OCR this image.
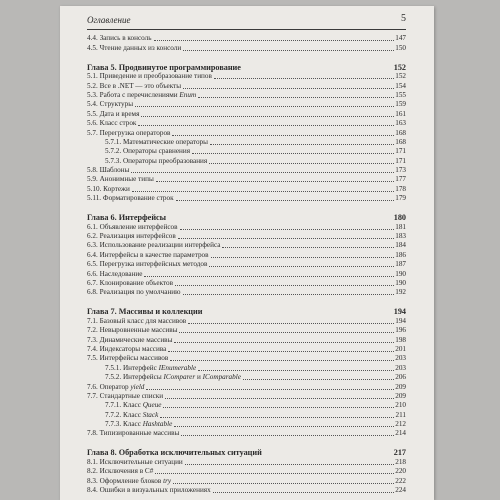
Оглавление	5
4.4. Запись в консоль	147
4.5. Чтение данных из консоли	150
Глава 5. Продвинутое программирование	152
5.1. Приведение и преобразование типов	152
5.2. Все в .NET — это объекты	154
5.3. Работа с перечислениями Enum	155
5.4. Структуры	159
5.5. Дата и время	161
5.6. Класс строк	163
5.7. Перегрузка операторов	168
5.7.1. Математические операторы	168
5.7.2. Операторы сравнения	171
5.7.3. Операторы преобразования	171
5.8. Шаблоны	173
5.9. Анонимные типы	177
5.10. Кортежи	178
5.11. Форматирование строк	179
Глава 6. Интерфейсы	180
6.1. Объявление интерфейсов	181
6.2. Реализация интерфейсов	183
6.3. Использование реализации интерфейса	184
6.4. Интерфейсы в качестве параметров	186
6.5. Перегрузка интерфейсных методов	187
6.6. Наследование	190
6.7. Клонирование объектов	190
6.8. Реализация по умолчанию	192
Глава 7. Массивы и коллекции	194
7.1. Базовый класс для массивов	194
7.2. Невыровненные массивы	196
7.3. Динамические массивы	198
7.4. Индексаторы массива	201
7.5. Интерфейсы массивов	203
7.5.1. Интерфейс IEnumerable	203
7.5.2. Интерфейсы IComparer и IComparable	206
7.6. Оператор yield	209
7.7. Стандартные списки	209
7.7.1. Класс Queue	210
7.7.2. Класс Stack	211
7.7.3. Класс Hashtable	212
7.8. Типизированные массивы	214
Глава 8. Обработка исключительных ситуаций	217
8.1. Исключительные ситуации	218
8.2. Исключения в C#	220
8.3. Оформление блоков try	222
8.4. Ошибки в визуальных приложениях	224
